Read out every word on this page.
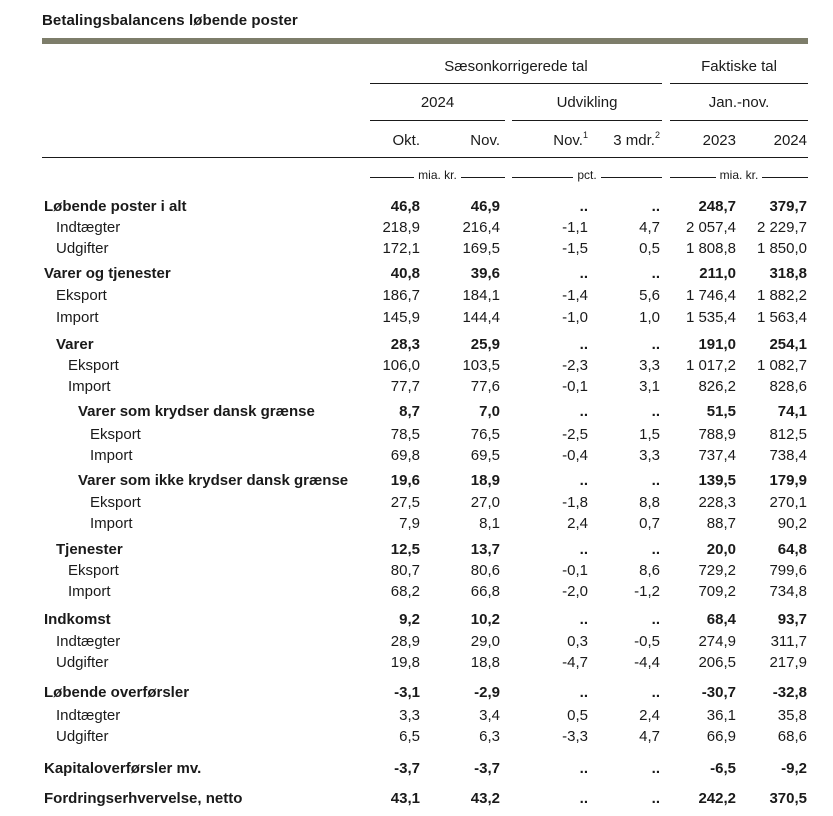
Betalingsbalancens løbende poster
Sæsonkorrigerede tal	Faktiske tal
2024	Udvikling	Jan.-nov.
Okt.	Nov.	Nov.$^1$	3 mdr.$^2$	2023	2024
mia. kr.	pct.	mia. kr.
Løbende poster i alt	46,8	46,9	..	..	248,7	379,7
Indtægter	218,9	216,4	-1,1	4,7	2 057,4	2 229,7
Udgifter	172,1	169,5	-1,5	0,5	1 808,8	1 850,0
Varer og tjenester	40,8	39,6	..	..	211,0	318,8
Eksport	186,7	184,1	-1,4	5,6	1 746,4	1 882,2
Import	145,9	144,4	-1,0	1,0	1 535,4	1 563,4
Varer	28,3	25,9	..	..	191,0	254,1
Eksport	106,0	103,5	-2,3	3,3	1 017,2	1 082,7
Import	77,7	77,6	-0,1	3,1	826,2	828,6
Varer som krydser dansk grænse	8,7	7,0	..	..	51,5	74,1
Eksport	78,5	76,5	-2,5	1,5	788,9	812,5
Import	69,8	69,5	-0,4	3,3	737,4	738,4
Varer som ikke krydser dansk grænse	19,6	18,9	..	..	139,5	179,9
Eksport	27,5	27,0	-1,8	8,8	228,3	270,1
Import	7,9	8,1	2,4	0,7	88,7	90,2
Tjenester	12,5	13,7	..	..	20,0	64,8
Eksport	80,7	80,6	-0,1	8,6	729,2	799,6
Import	68,2	66,8	-2,0	-1,2	709,2	734,8
Indkomst	9,2	10,2	..	..	68,4	93,7
Indtægter	28,9	29,0	0,3	-0,5	274,9	311,7
Udgifter	19,8	18,8	-4,7	-4,4	206,5	217,9
Løbende overførsler	-3,1	-2,9	..	..	-30,7	-32,8
Indtægter	3,3	3,4	0,5	2,4	36,1	35,8
Udgifter	6,5	6,3	-3,3	4,7	66,9	68,6
Kapitaloverførsler mv.	-3,7	-3,7	..	..	-6,5	-9,2
Fordringserhvervelse, netto	43,1	43,2	..	..	242,2	370,5
